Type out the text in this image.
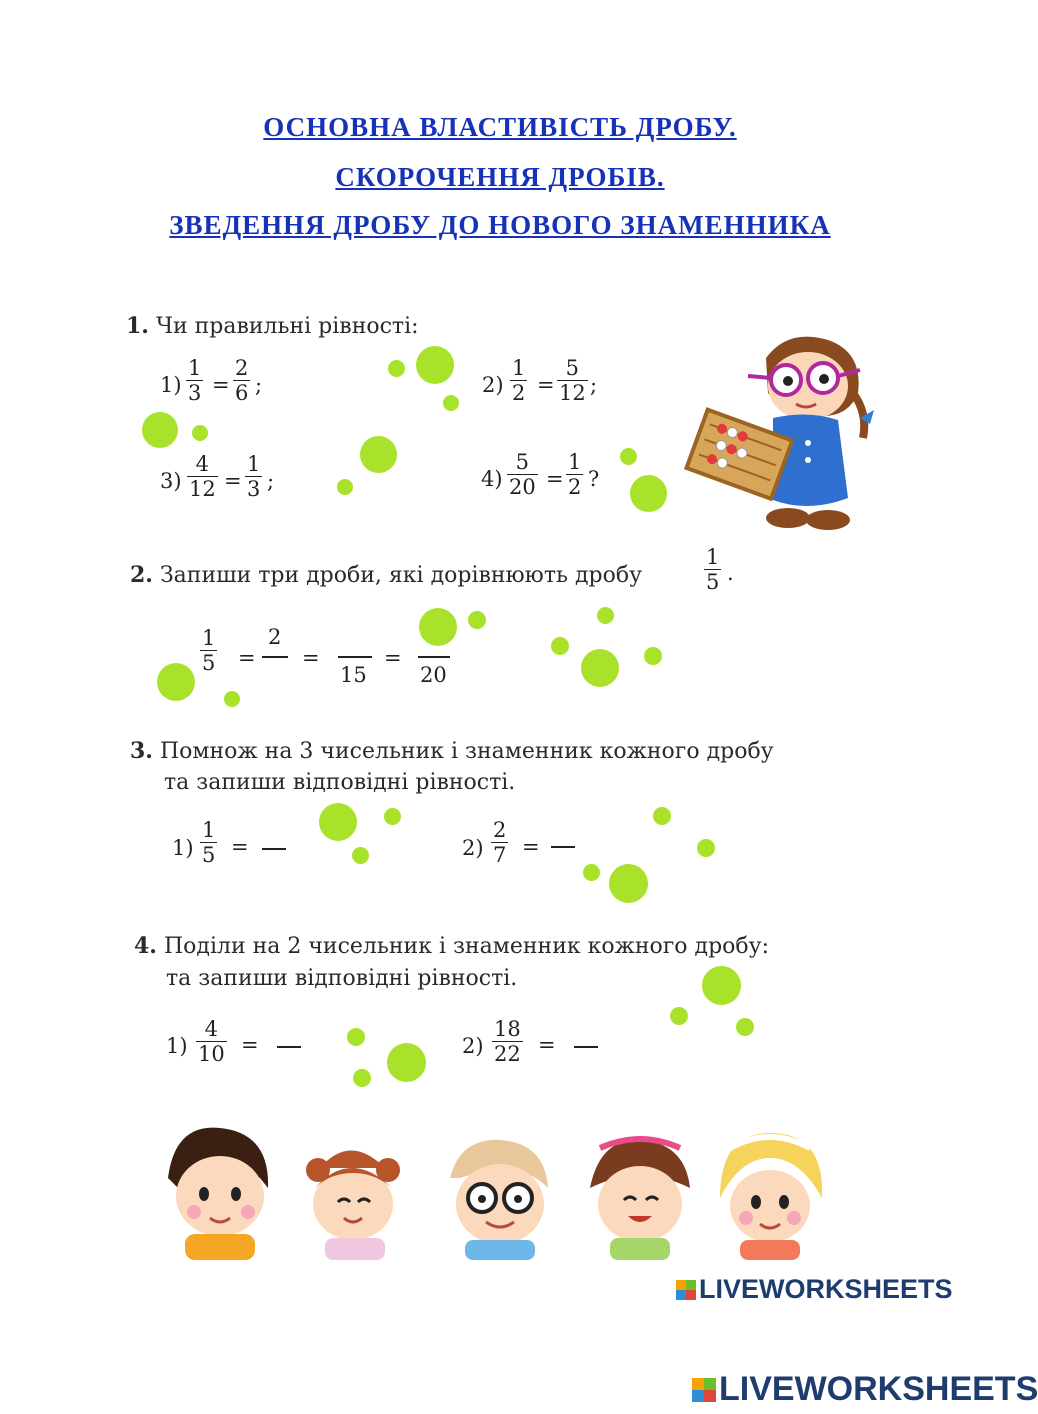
ОСНОВНА ВЛАСТИВІСТЬ ДРОБУ.
СКОРОЧЕННЯ ДРОБІВ.
ЗВЕДЕННЯ ДРОБУ ДО НОВОГО ЗНАМЕННИКА
1. Чи правильні рівності:
$1) \frac{1}{3} = \frac{2}{6}$ ;	$2) \frac{1}{2} = \frac{5}{12}$ ;
$3) \frac{4}{12} = \frac{1}{3}$ ;	$4) \frac{5}{20} = \frac{1}{2}$ ?
2. Запиши три дроби, які дорівнюють дробу	$\frac{1}{5}$ .
$\frac{1}{5}$ =
2
=
15
=
20
3. Помнож на 3 чисельник і знаменник кожного дробу
та запиши відповідні рівності.
$1) \frac{1}{5}$ =	$2) \frac{2}{7}$ =
4. Поділи на 2 чисельник і знаменник кожного дробу:
та запиши відповідні рівності.
$1) \frac{4}{10}$ =	$2) \frac{18}{22}$ =
LIVEWORKSHEETS
LIVEWORKSHEETS
